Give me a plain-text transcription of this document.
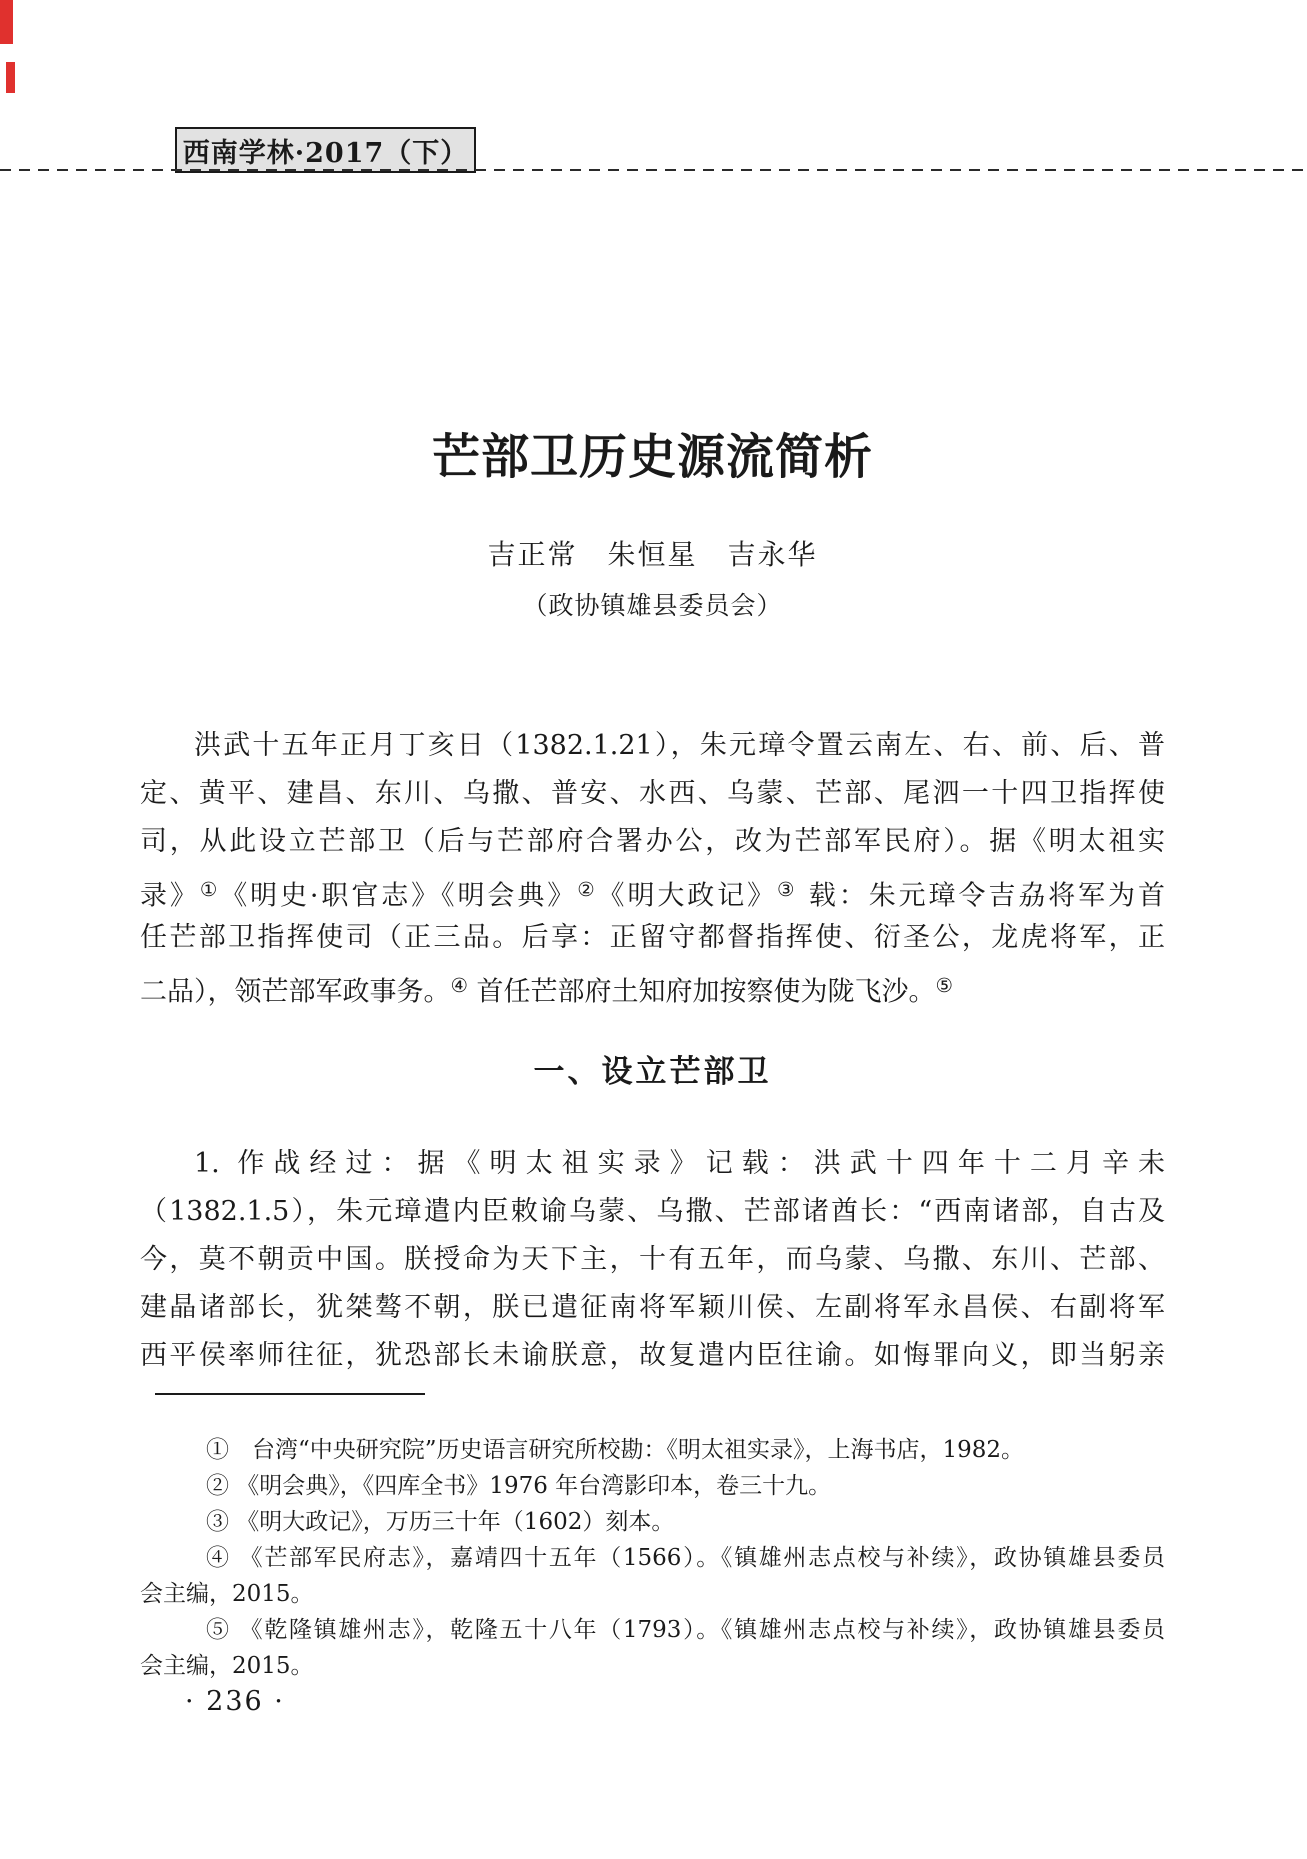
西南学林·2017（下）
芒部卫历史源流简析
吉正常　朱恒星　吉永华
（政协镇雄县委员会）
洪武十五年正月丁亥日（1382.1.21），朱元璋令置云南左、右、前、后、普
定、黄平、建昌、东川、乌撒、普安、水西、乌蒙、芒部、尾泗一十四卫指挥使
司，从此设立芒部卫（后与芒部府合署办公，改为芒部军民府）。据《明太祖实
录》①《明史·职官志》《明会典》②《明大政记》③ 载：朱元璋令吉劦将军为首
任芒部卫指挥使司（正三品。后享：正留守都督指挥使、衍圣公，龙虎将军，正
二品），领芒部军政事务。④ 首任芒部府土知府加按察使为陇飞沙。⑤
一、设立芒部卫
1. 作战经过：据《明太祖实录》记载：洪武十四年十二月辛未
（1382.1.5），朱元璋遣内臣敕谕乌蒙、乌撒、芒部诸酋长：“西南诸部，自古及
今，莫不朝贡中国。朕授命为天下主，十有五年，而乌蒙、乌撒、东川、芒部、
建晶诸部长，犹桀骜不朝，朕已遣征南将军颖川侯、左副将军永昌侯、右副将军
西平侯率师往征，犹恐部长未谕朕意，故复遣内臣往谕。如悔罪向义，即当躬亲
①　台湾“中央研究院”历史语言研究所校勘：《明太祖实录》，上海书店，1982。
② 《明会典》，《四库全书》1976 年台湾影印本，卷三十九。
③ 《明大政记》，万历三十年（1602）刻本。
④ 《芒部军民府志》，嘉靖四十五年（1566）。《镇雄州志点校与补续》，政协镇雄县委员
会主编，2015。
⑤ 《乾隆镇雄州志》，乾隆五十八年（1793）。《镇雄州志点校与补续》，政协镇雄县委员
会主编，2015。
· 236 ·
